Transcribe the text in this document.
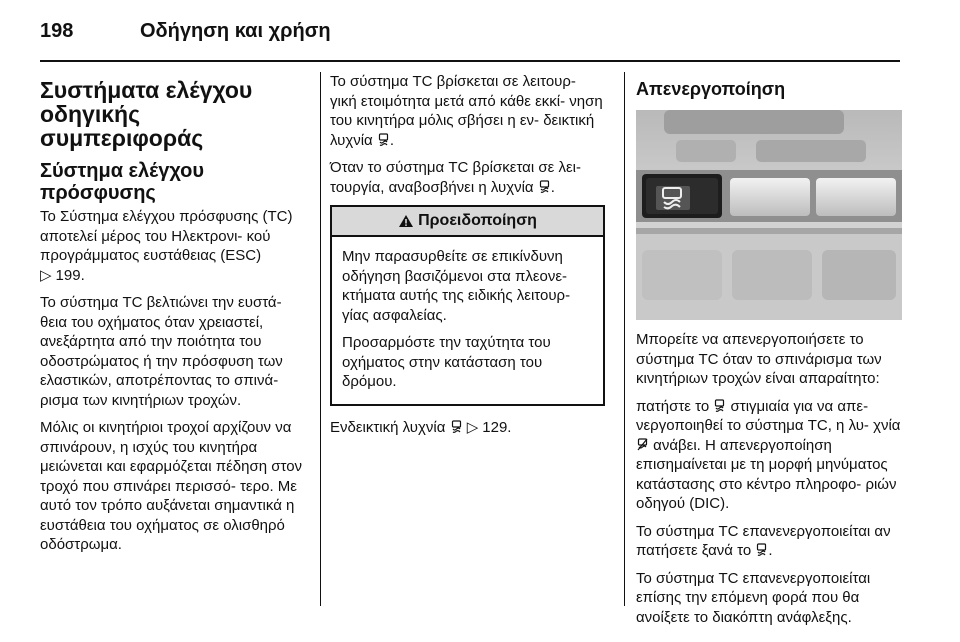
198	Οδήγηση και χρήση
Συστήματα ελέγχου
οδηγικής
συμπεριφοράς
Σύστημα ελέγχου
πρόσφυσης

Το Σύστημα ελέγχου πρόσφυσης (TC) αποτελεί μέρος του Ηλεκτρονι- κού προγράμματος ευστάθειας (ESC)
▷ 199.

Το σύστημα TC βελτιώνει την ευστά- θεια του οχήματος όταν χρειαστεί, ανεξάρτητα από την ποιότητα του οδοστρώματος ή την πρόσφυση των ελαστικών, αποτρέποντας το σπινά- ρισμα των κινητήριων τροχών.

Μόλις οι κινητήριοι τροχοί αρχίζουν να σπινάρουν, η ισχύς του κινητήρα μειώνεται και εφαρμόζεται πέδηση στον τροχό που σπινάρει περισσό- τερο. Με αυτό τον τρόπο αυξάνεται σημαντικά η ευστάθεια του οχήματος σε ολισθηρό οδόστρωμα.

Το σύστημα TC βρίσκεται σε λειτουρ- γική ετοιμότητα μετά από κάθε εκκί- νηση του κινητήρα μόλις σβήσει η εν- δεικτική λυχνία .

Όταν το σύστημα TC βρίσκεται σε λει- τουργία, αναβοσβήνει η λυχνία .

Προειδοποίηση

Μην παρασυρθείτε σε επικίνδυνη οδήγηση βασιζόμενοι στα πλεονε- κτήματα αυτής της ειδικής λειτουρ- γίας ασφαλείας.

Προσαρμόστε την ταχύτητα του οχήματος στην κατάσταση του δρόμου.

Ενδεικτική λυχνία ▷ 129.

Απενεργοποίηση

Μπορείτε να απενεργοποιήσετε το σύστημα TC όταν το σπινάρισμα των κινητήριων τροχών είναι απαραίτητο:

πατήστε το στιγμιαία για να απε- νεργοποιηθεί το σύστημα TC, η λυ- χνία
ανάβει. Η απενεργοποίηση επισημαίνεται με τη μορφή μηνύματος κατάστασης στο κέντρο πληροφο- ριών οδηγού (DIC).

Το σύστημα TC επανενεργοποιείται αν πατήσετε ξανά το .

Το σύστημα TC επανενεργοποιείται επίσης την επόμενη φορά που θα ανοίξετε το διακόπτη ανάφλεξης.
